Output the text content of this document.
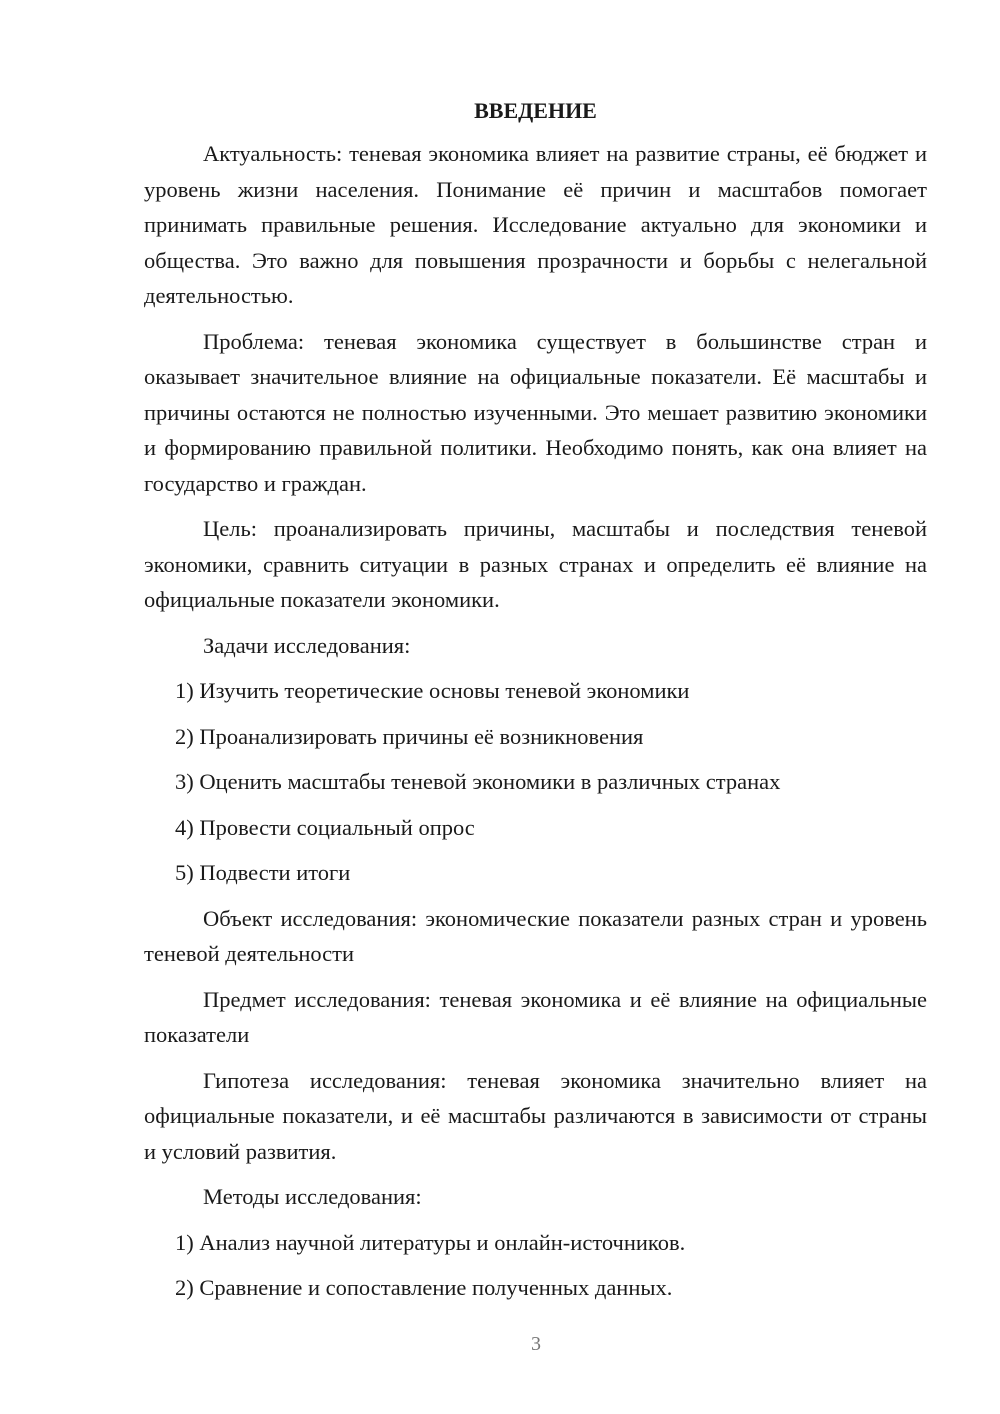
ВВЕДЕНИЕ

Актуальность: теневая экономика влияет на развитие страны, её бюджет и уровень жизни населения. Понимание её причин и масштабов помогает принимать правильные решения. Исследование актуально для экономики и общества. Это важно для повышения прозрачности и борьбы с нелегальной деятельностью.

Проблема: теневая экономика существует в большинстве стран и оказывает значительное влияние на официальные показатели. Её масштабы и причины остаются не полностью изученными. Это мешает развитию экономики и формированию правильной политики. Необходимо понять, как она влияет на государство и граждан.

Цель: проанализировать причины, масштабы и последствия теневой экономики, сравнить ситуации в разных странах и определить её влияние на официальные показатели экономики.

Задачи исследования:

1) Изучить теоретические основы теневой экономики
2) Проанализировать причины её возникновения
3) Оценить масштабы теневой экономики в различных странах
4) Провести социальный опрос
5) Подвести итоги

Объект исследования: экономические показатели разных стран и уровень теневой деятельности

Предмет исследования: теневая экономика и её влияние на официальные показатели

Гипотеза исследования: теневая экономика значительно влияет на официальные показатели, и её масштабы различаются в зависимости от страны и условий развития.

Методы исследования:

1) Анализ научной литературы и онлайн-источников.
2) Сравнение и сопоставление полученных данных.
3
